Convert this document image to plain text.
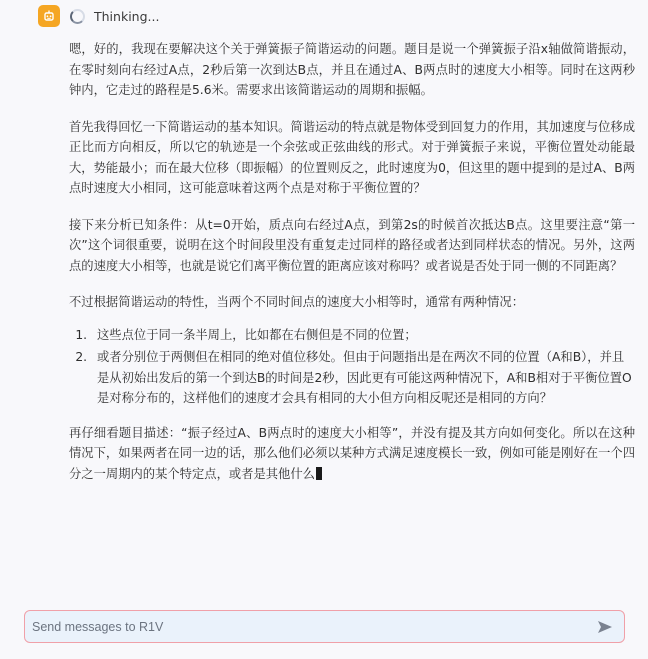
Thinking...

嗯，好的，我现在要解决这个关于弹簧振子简谐运动的问题。题目是说一个弹簧振子沿x轴做简谐振动，在零时刻向右经过A点，2秒后第一次到达B点，并且在通过A、B两点时的速度大小相等。同时在这两秒钟内，它走过的路程是5.6米。需要求出该简谐运动的周期和振幅。

首先我得回忆一下简谐运动的基本知识。简谐运动的特点就是物体受到回复力的作用，其加速度与位移成正比而方向相反，所以它的轨迹是一个余弦或正弦曲线的形式。对于弹簧振子来说，平衡位置处动能最大，势能最小；而在最大位移（即振幅）的位置则反之，此时速度为0，但这里的题中提到的是过A、B两点时速度大小相同，这可能意味着这两个点是对称于平衡位置的？

接下来分析已知条件：从t=0开始，质点向右经过A点，到第2s的时候首次抵达B点。这里要注意“第一次”这个词很重要，说明在这个时间段里没有重复走过同样的路径或者达到同样状态的情况。另外，这两点的速度大小相等，也就是说它们离平衡位置的距离应该对称吗？或者说是否处于同一侧的不同距离？

不过根据简谐运动的特性，当两个不同时间点的速度大小相等时，通常有两种情况：

1. 这些点位于同一条半周上，比如都在右侧但是不同的位置；
2. 或者分别位于两侧但在相同的绝对值位移处。但由于问题指出是在两次不同的位置（A和B），并且是从初始出发后的第一个到达B的时间是2秒，因此更有可能这两种情况下，A和B相对于平衡位置O是对称分布的，这样他们的速度才会具有相同的大小但方向相反呢还是相同的方向？

再仔细看题目描述：“振子经过A、B两点时的速度大小相等”，并没有提及其方向如何变化。所以在这种情况下，如果两者在同一边的话，那么他们必须以某种方式满足速度模长一致，例如可能是刚好在一个四分之一周期内的某个特定点，或者是其他什么

Send messages to R1V
